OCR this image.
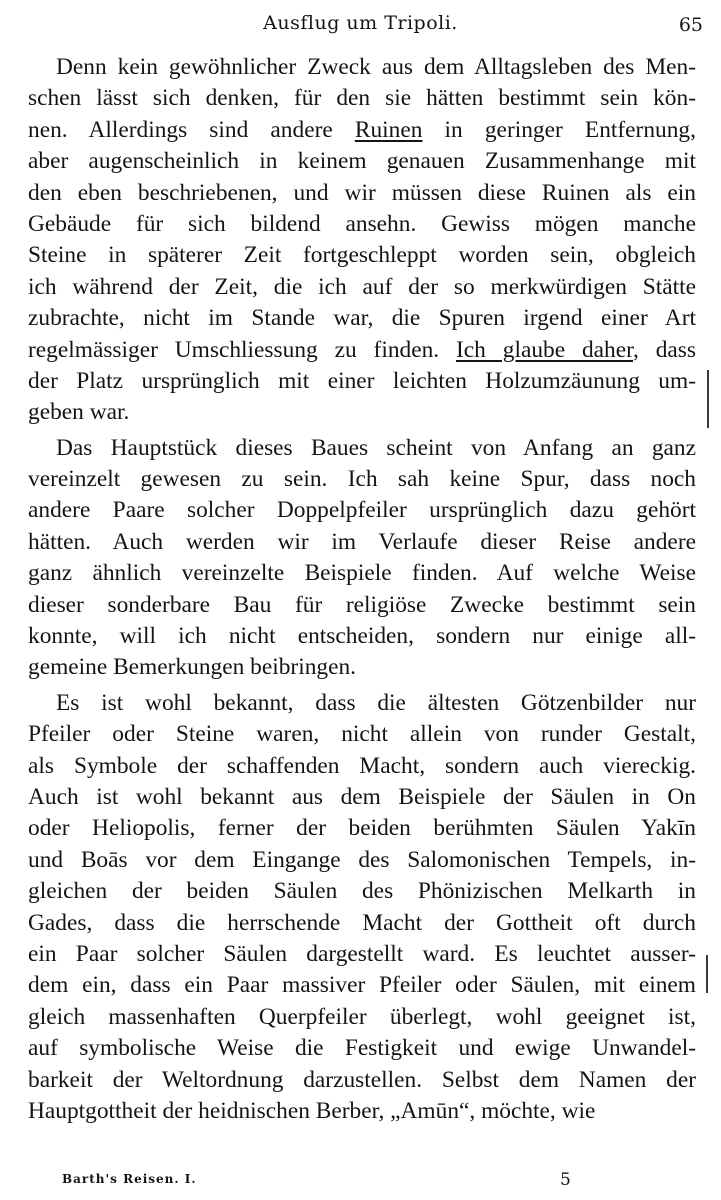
Ausflug um Tripoli.	65
Denn kein gewöhnlicher Zweck aus dem Alltagsleben des Men-
schen lässt sich denken, für den sie hätten bestimmt sein kön-
nen. Allerdings sind andere Ruinen in geringer Entfernung,
aber augenscheinlich in keinem genauen Zusammenhange mit
den eben beschriebenen, und wir müssen diese Ruinen als ein
Gebäude für sich bildend ansehn. Gewiss mögen manche
Steine in späterer Zeit fortgeschleppt worden sein, obgleich
ich während der Zeit, die ich auf der so merkwürdigen Stätte
zubrachte, nicht im Stande war, die Spuren irgend einer Art
regelmässiger Umschliessung zu finden. Ich glaube daher, dass
der Platz ursprünglich mit einer leichten Holzumzäunung um-
geben war.
Das Hauptstück dieses Baues scheint von Anfang an ganz
vereinzelt gewesen zu sein. Ich sah keine Spur, dass noch
andere Paare solcher Doppelpfeiler ursprünglich dazu gehört
hätten. Auch werden wir im Verlaufe dieser Reise andere
ganz ähnlich vereinzelte Beispiele finden. Auf welche Weise
dieser sonderbare Bau für religiöse Zwecke bestimmt sein
konnte, will ich nicht entscheiden, sondern nur einige all-
gemeine Bemerkungen beibringen.
Es ist wohl bekannt, dass die ältesten Götzenbilder nur
Pfeiler oder Steine waren, nicht allein von runder Gestalt,
als Symbole der schaffenden Macht, sondern auch viereckig.
Auch ist wohl bekannt aus dem Beispiele der Säulen in On
oder Heliopolis, ferner der beiden berühmten Säulen Yakīn
und Boās vor dem Eingange des Salomonischen Tempels, in-
gleichen der beiden Säulen des Phönizischen Melkarth in
Gades, dass die herrschende Macht der Gottheit oft durch
ein Paar solcher Säulen dargestellt ward. Es leuchtet ausser-
dem ein, dass ein Paar massiver Pfeiler oder Säulen, mit einem
gleich massenhaften Querpfeiler überlegt, wohl geeignet ist,
auf symbolische Weise die Festigkeit und ewige Unwandel-
barkeit der Weltordnung darzustellen. Selbst dem Namen der
Hauptgottheit der heidnischen Berber, „Amūn“, möchte, wie
Barth's Reisen. I.	5
